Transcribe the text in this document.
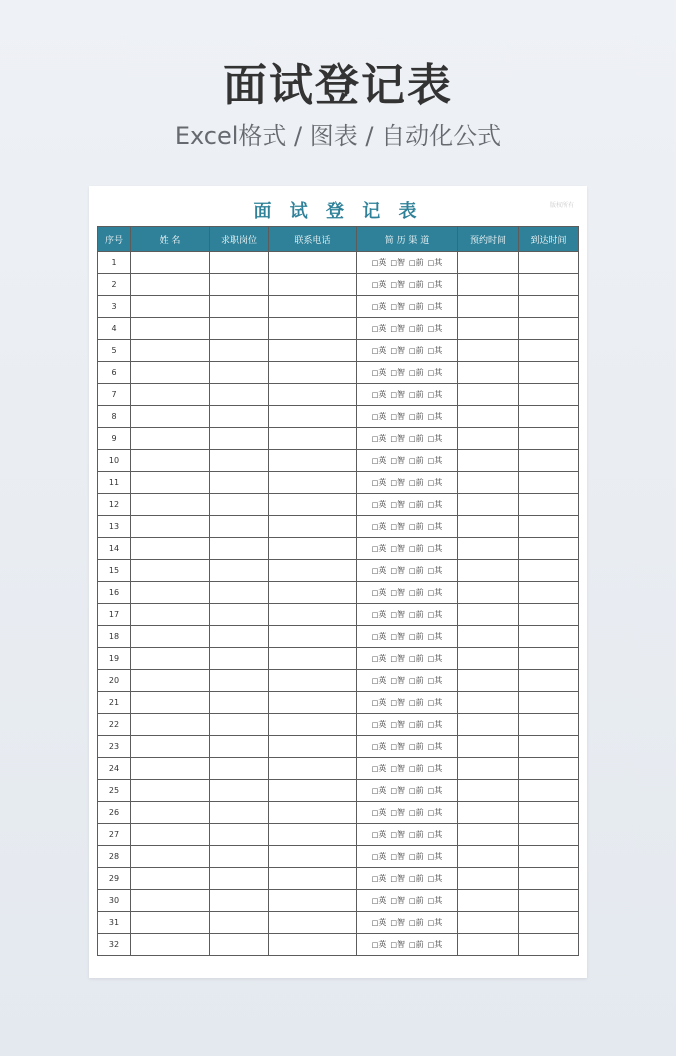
面试登记表
Excel格式 / 图表 / 自动化公式
版权所有
面 试 登 记 表
序号	姓 名	求职岗位	联系电话	简 历 渠 道	预约时间	到达时间
1				□英 □智 □前 □其		
2				□英 □智 □前 □其		
3				□英 □智 □前 □其		
4				□英 □智 □前 □其		
5				□英 □智 □前 □其		
6				□英 □智 □前 □其		
7				□英 □智 □前 □其		
8				□英 □智 □前 □其		
9				□英 □智 □前 □其		
10				□英 □智 □前 □其		
11				□英 □智 □前 □其		
12				□英 □智 □前 □其		
13				□英 □智 □前 □其		
14				□英 □智 □前 □其		
15				□英 □智 □前 □其		
16				□英 □智 □前 □其		
17				□英 □智 □前 □其		
18				□英 □智 □前 □其		
19				□英 □智 □前 □其		
20				□英 □智 □前 □其		
21				□英 □智 □前 □其		
22				□英 □智 □前 □其		
23				□英 □智 □前 □其		
24				□英 □智 □前 □其		
25				□英 □智 □前 □其		
26				□英 □智 □前 □其		
27				□英 □智 □前 □其		
28				□英 □智 □前 □其		
29				□英 □智 □前 □其		
30				□英 □智 □前 □其		
31				□英 □智 □前 □其		
32				□英 □智 □前 □其		
